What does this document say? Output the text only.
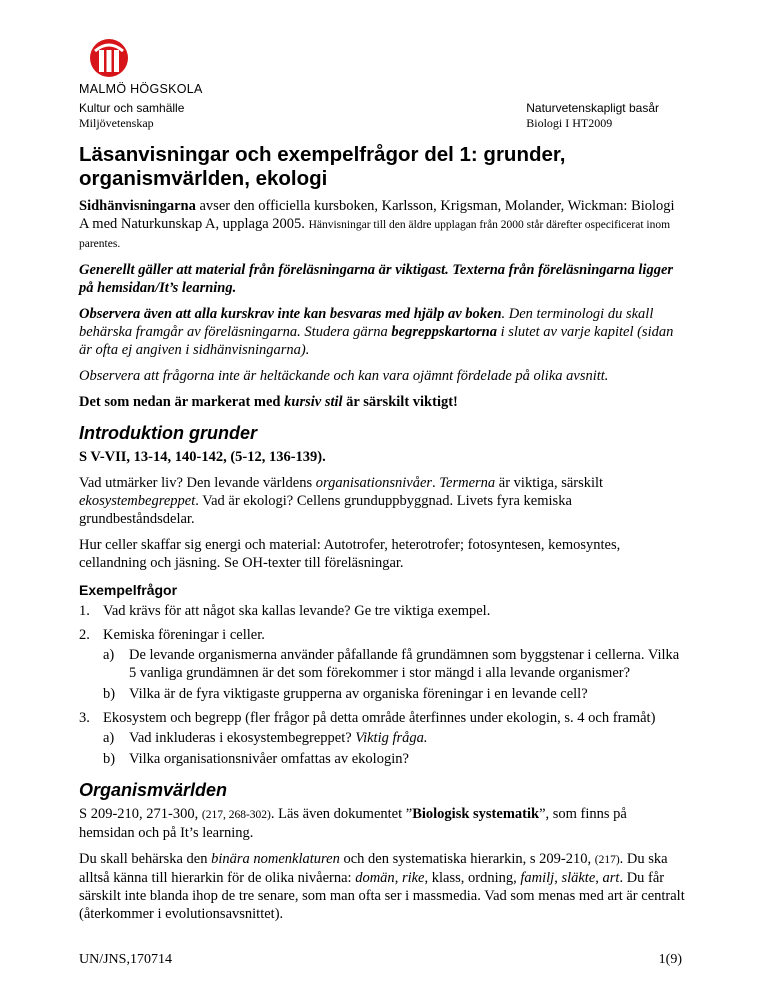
MALMÖ HÖGSKOLA
Kultur och samhälle
Miljövetenskap
Naturvetenskapligt basår
Biologi I HT2009
Läsanvisningar och exempelfrågor del 1: grunder, organismvärlden, ekologi

Sidhänvisningarna avser den officiella kursboken, Karlsson, Krigsman, Molander, Wickman: Biologi A med Naturkunskap A, upplaga 2005. Hänvisningar till den äldre upplagan från 2000 står därefter ospecificerat inom parentes.

Generellt gäller att material från föreläsningarna är viktigast. Texterna från föreläsningarna ligger på hemsidan/It’s learning.

Observera även att alla kurskrav inte kan besvaras med hjälp av boken. Den terminologi du skall behärska framgår av föreläsningarna. Studera gärna begreppskartorna i slutet av varje kapitel (sidan är ofta ej angiven i sidhänvisningarna).

Observera att frågorna inte är heltäckande och kan vara ojämnt fördelade på olika avsnitt.

Det som nedan är markerat med kursiv stil är särskilt viktigt!

Introduktion grunder

S V-VII, 13-14, 140-142, (5-12, 136-139).

Vad utmärker liv? Den levande världens organisationsnivåer. Termerna är viktiga, särskilt ekosystembegreppet. Vad är ekologi? Cellens grunduppbyggnad. Livets fyra kemiska grundbeståndsdelar.

Hur celler skaffar sig energi och material: Autotrofer, heterotrofer; fotosyntesen, kemosyntes, cellandning och jäsning. Se OH-texter till föreläsningar.

Exempelfrågor
1. Vad krävs för att något ska kallas levande? Ge tre viktiga exempel.
2. Kemiska föreningar i celler.
a) De levande organismerna använder påfallande få grundämnen som byggstenar i cellerna. Vilka 5 vanliga grundämnen är det som förekommer i stor mängd i alla levande organismer?
b) Vilka är de fyra viktigaste grupperna av organiska föreningar i en levande cell?
3. Ekosystem och begrepp (fler frågor på detta område återfinnes under ekologin, s. 4 och framåt)
a) Vad inkluderas i ekosystembegreppet? Viktig fråga.
b) Vilka organisationsnivåer omfattas av ekologin?
Organismvärlden

S 209-210, 271-300, (217, 268-302). Läs även dokumentet ”Biologisk systematik”, som finns på hemsidan och på It’s learning.

Du skall behärska den binära nomenklaturen och den systematiska hierarkin, s 209-210, (217). Du ska alltså känna till hierarkin för de olika nivåerna: domän, rike, klass, ordning, familj, släkte, art. Du får särskilt inte blanda ihop de tre senare, som man ofta ser i massmedia. Vad som menas med art är centralt (återkommer i evolutionsavsnittet).

UN/JNS,170714	1(9)
